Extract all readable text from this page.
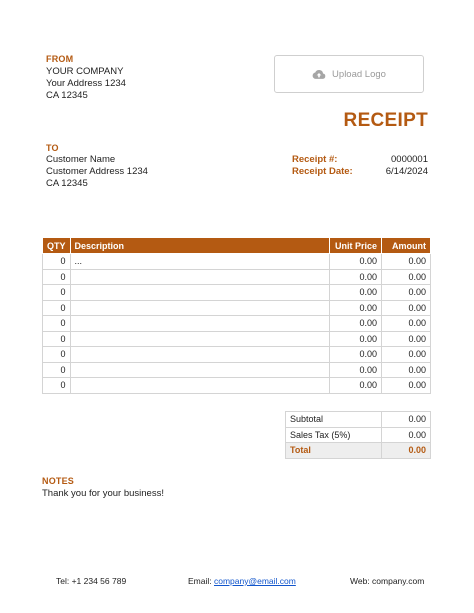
FROM
YOUR COMPANY
Your Address 1234
CA 12345
Upload Logo
RECEIPT
TO
Customer Name
Customer Address 1234
CA 12345
Receipt #:	0000001
Receipt Date:	6/14/2024
QTY	Description	Unit Price	Amount
0	...	0.00	0.00
0		0.00	0.00
0		0.00	0.00
0		0.00	0.00
0		0.00	0.00
0		0.00	0.00
0		0.00	0.00
0		0.00	0.00
0		0.00	0.00
Subtotal	0.00
Sales Tax (5%)	0.00
Total	0.00
NOTES
Thank you for your business!
Tel: +1 234 56 789	Email: company@email.com	Web: company.com
